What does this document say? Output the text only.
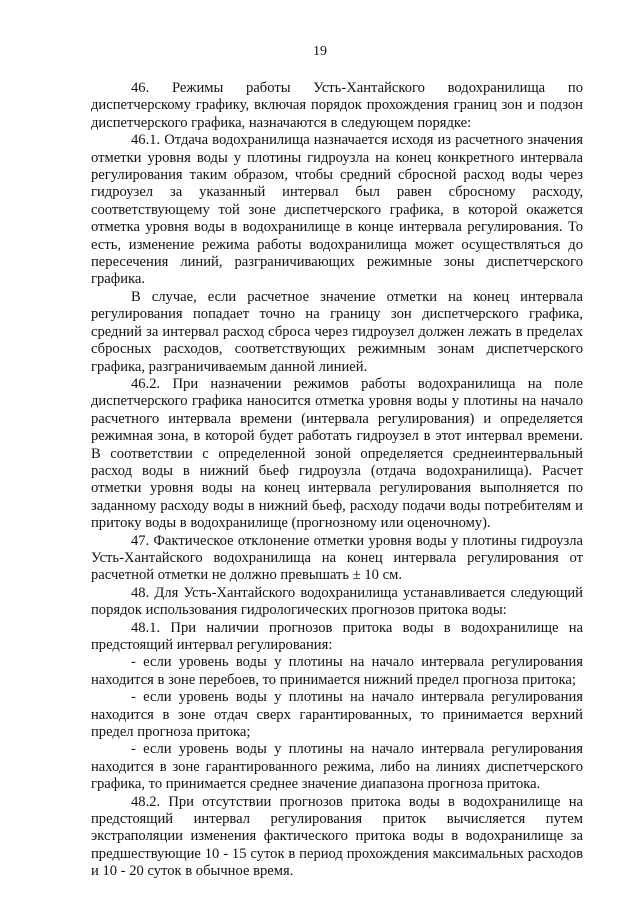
19

46. Режимы работы Усть-Хантайского водохранилища по диспетчерскому графику, включая порядок прохождения границ зон и подзон диспетчерского графика, назначаются в следующем порядке:

46.1. Отдача водохранилища назначается исходя из расчетного значения отметки уровня воды у плотины гидроузла на конец конкретного интервала регулирования таким образом, чтобы средний сбросной расход воды через гидроузел за указанный интервал был равен сбросному расходу, соответствующему той зоне диспетчерского графика, в которой окажется отметка уровня воды в водохранилище в конце интервала регулирования. То есть, изменение режима работы водохранилища может осуществляться до пересечения линий, разграничивающих режимные зоны диспетчерского графика.

В случае, если расчетное значение отметки на конец интервала регулирования попадает точно на границу зон диспетчерского графика, средний за интервал расход сброса через гидроузел должен лежать в пределах сбросных расходов, соответствующих режимным зонам диспетчерского графика, разграничиваемым данной линией.

46.2. При назначении режимов работы водохранилища на поле диспетчерского графика наносится отметка уровня воды у плотины на начало расчетного интервала времени (интервала регулирования) и определяется режимная зона, в которой будет работать гидроузел в этот интервал времени. В соответствии с определенной зоной определяется среднеинтервальный расход воды в нижний бьеф гидроузла (отдача водохранилища). Расчет отметки уровня воды на конец интервала регулирования выполняется по заданному расходу воды в нижний бьеф, расходу подачи воды потребителям и притоку воды в водохранилище (прогнозному или оценочному).

47. Фактическое отклонение отметки уровня воды у плотины гидроузла Усть-Хантайского водохранилища на конец интервала регулирования от расчетной отметки не должно превышать ± 10 см.

48. Для Усть-Хантайского водохранилища устанавливается следующий порядок использования гидрологических прогнозов притока воды:

48.1. При наличии прогнозов притока воды в водохранилище на предстоящий интервал регулирования:

- если уровень воды у плотины на начало интервала регулирования находится в зоне перебоев, то принимается нижний предел прогноза притока;

- если уровень воды у плотины на начало интервала регулирования находится в зоне отдач сверх гарантированных, то принимается верхний предел прогноза притока;

- если уровень воды у плотины на начало интервала регулирования находится в зоне гарантированного режима, либо на линиях диспетчерского графика, то принимается среднее значение диапазона прогноза притока.

48.2. При отсутствии прогнозов притока воды в водохранилище на предстоящий интервал регулирования приток вычисляется путем экстраполяции изменения фактического притока воды в водохранилище за предшествующие 10 - 15 суток в период прохождения максимальных расходов и 10 - 20 суток в обычное время.
